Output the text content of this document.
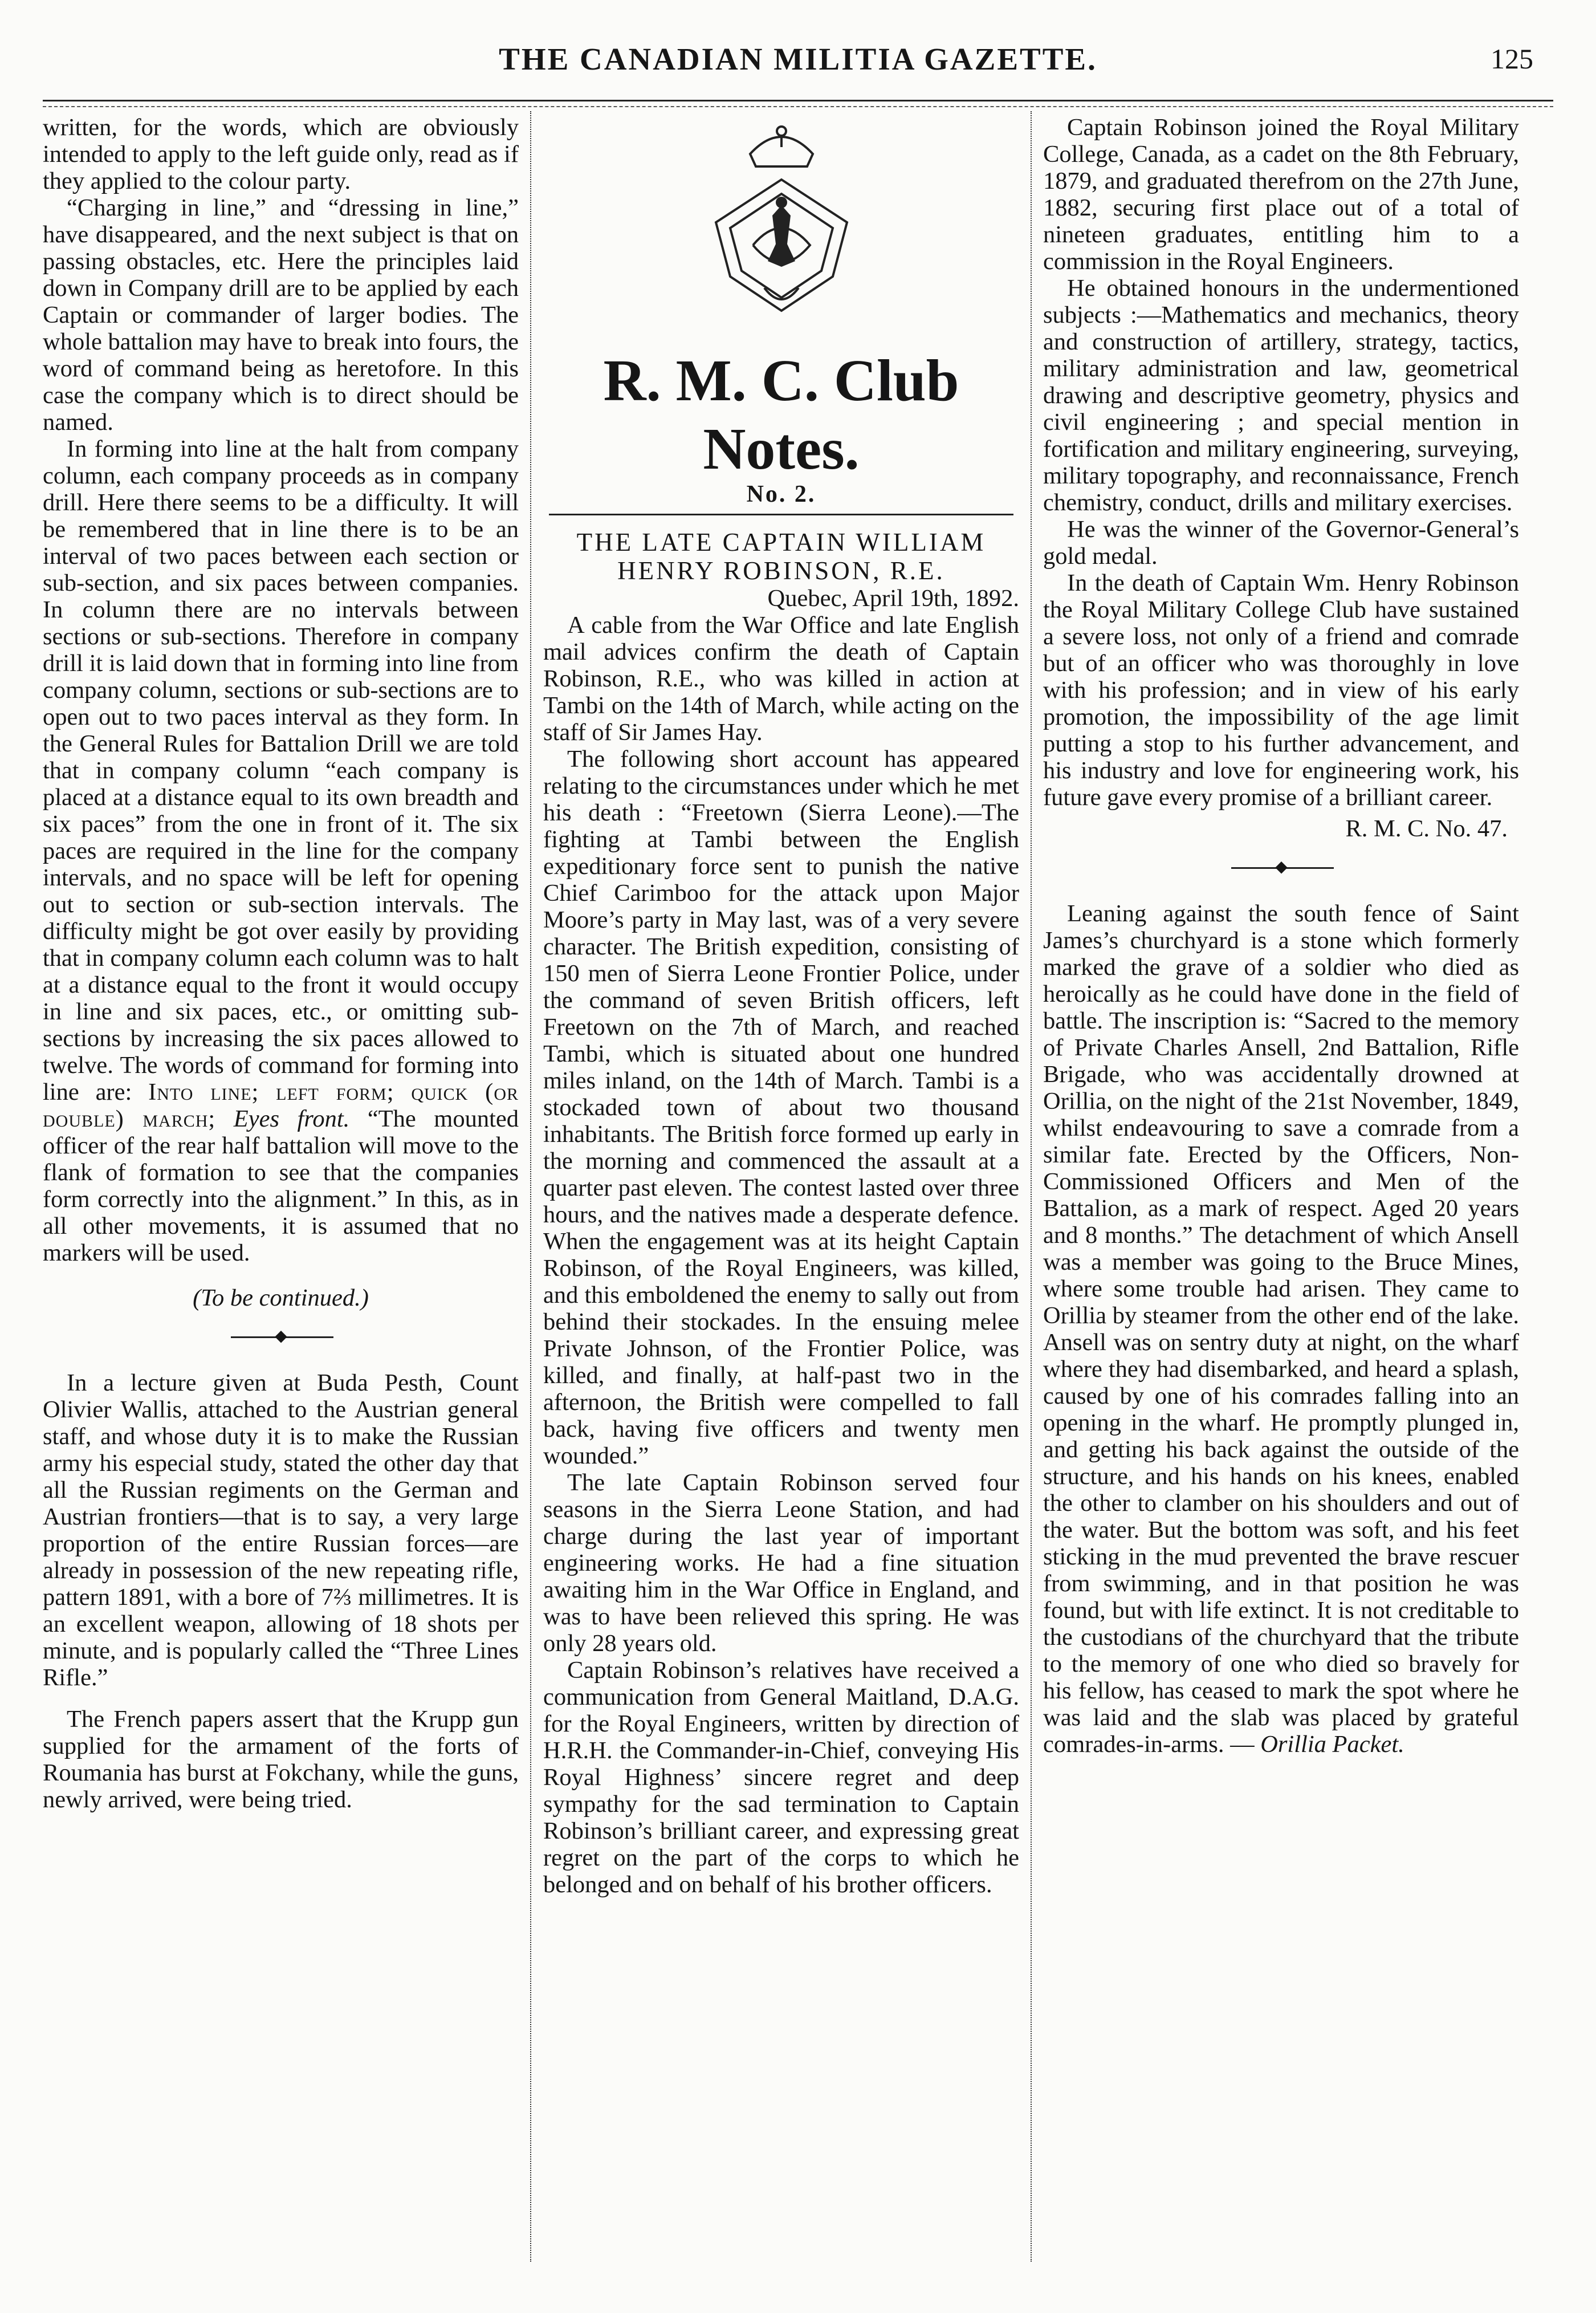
THE CANADIAN MILITIA GAZETTE.	125

written, for the words, which are obviously intended to apply to the left guide only, read as if they applied to the colour party.

“Charging in line,” and “dressing in line,” have disappeared, and the next subject is that on passing obstacles, etc. Here the principles laid down in Company drill are to be applied by each Captain or commander of larger bodies. The whole battalion may have to break into fours, the word of command being as heretofore. In this case the company which is to direct should be named.

In forming into line at the halt from company column, each company proceeds as in company drill. Here there seems to be a difficulty. It will be remembered that in line there is to be an interval of two paces between each section or sub-section, and six paces between companies. In column there are no intervals between sections or sub-sections. Therefore in company drill it is laid down that in forming into line from company column, sections or sub-sections are to open out to two paces interval as they form. In the General Rules for Battalion Drill we are told that in company column “each company is placed at a distance equal to its own breadth and six paces” from the one in front of it. The six paces are required in the line for the company intervals, and no space will be left for opening out to section or sub-section intervals. The difficulty might be got over easily by providing that in company column each column was to halt at a distance equal to the front it would occupy in line and six paces, etc., or omitting sub-sections by increasing the six paces allowed to twelve. The words of command for forming into line are: Into line; left form; quick (or double) march; Eyes front. “The mounted officer of the rear half battalion will move to the flank of formation to see that the companies form correctly into the alignment.” In this, as in all other movements, it is assumed that no markers will be used.

(To be continued.)

◆

In a lecture given at Buda Pesth, Count Olivier Wallis, attached to the Austrian general staff, and whose duty it is to make the Russian army his especial study, stated the other day that all the Russian regiments on the German and Austrian frontiers—that is to say, a very large proportion of the entire Russian forces—are already in possession of the new repeating rifle, pattern 1891, with a bore of 7⅔ millimetres. It is an excellent weapon, allowing of 18 shots per minute, and is popularly called the “Three Lines Rifle.”

The French papers assert that the Krupp gun supplied for the armament of the forts of Roumania has burst at Fokchany, while the guns, newly arrived, were being tried.

R. M. C. Club Notes.
No. 2.
THE LATE CAPTAIN WILLIAM HENRY ROBINSON, R.E.

Quebec, April 19th, 1892.

A cable from the War Office and late English mail advices confirm the death of Captain Robinson, R.E., who was killed in action at Tambi on the 14th of March, while acting on the staff of Sir James Hay.

The following short account has appeared relating to the circumstances under which he met his death : “Freetown (Sierra Leone).—The fighting at Tambi between the English expeditionary force sent to punish the native Chief Carimboo for the attack upon Major Moore’s party in May last, was of a very severe character. The British expedition, consisting of 150 men of Sierra Leone Frontier Police, under the command of seven British officers, left Freetown on the 7th of March, and reached Tambi, which is situated about one hundred miles inland, on the 14th of March. Tambi is a stockaded town of about two thousand inhabitants. The British force formed up early in the morning and commenced the assault at a quarter past eleven. The contest lasted over three hours, and the natives made a desperate defence. When the engagement was at its height Captain Robinson, of the Royal Engineers, was killed, and this emboldened the enemy to sally out from behind their stockades. In the ensuing melee Private Johnson, of the Frontier Police, was killed, and finally, at half-past two in the afternoon, the British were compelled to fall back, having five officers and twenty men wounded.”

The late Captain Robinson served four seasons in the Sierra Leone Station, and had charge during the last year of important engineering works. He had a fine situation awaiting him in the War Office in England, and was to have been relieved this spring. He was only 28 years old.

Captain Robinson’s relatives have received a communication from General Maitland, D.A.G. for the Royal Engineers, written by direction of H.R.H. the Commander-in-Chief, conveying His Royal Highness’ sincere regret and deep sympathy for the sad termination to Captain Robinson’s brilliant career, and expressing great regret on the part of the corps to which he belonged and on behalf of his brother officers.

Captain Robinson joined the Royal Military College, Canada, as a cadet on the 8th February, 1879, and graduated therefrom on the 27th June, 1882, securing first place out of a total of nineteen graduates, entitling him to a commission in the Royal Engineers.

He obtained honours in the undermentioned subjects :—Mathematics and mechanics, theory and construction of artillery, strategy, tactics, military administration and law, geometrical drawing and descriptive geometry, physics and civil engineering ; and special mention in fortification and military engineering, surveying, military topography, and reconnaissance, French chemistry, conduct, drills and military exercises.

He was the winner of the Governor-General’s gold medal.

In the death of Captain Wm. Henry Robinson the Royal Military College Club have sustained a severe loss, not only of a friend and comrade but of an officer who was thoroughly in love with his profession; and in view of his early promotion, the impossibility of the age limit putting a stop to his further advancement, and his industry and love for engineering work, his future gave every promise of a brilliant career.

R. M. C. No. 47.

◆

Leaning against the south fence of Saint James’s churchyard is a stone which formerly marked the grave of a soldier who died as heroically as he could have done in the field of battle. The inscription is: “Sacred to the memory of Private Charles Ansell, 2nd Battalion, Rifle Brigade, who was accidentally drowned at Orillia, on the night of the 21st November, 1849, whilst endeavouring to save a comrade from a similar fate. Erected by the Officers, Non-Commissioned Officers and Men of the Battalion, as a mark of respect. Aged 20 years and 8 months.” The detachment of which Ansell was a member was going to the Bruce Mines, where some trouble had arisen. They came to Orillia by steamer from the other end of the lake. Ansell was on sentry duty at night, on the wharf where they had disembarked, and heard a splash, caused by one of his comrades falling into an opening in the wharf. He promptly plunged in, and getting his back against the outside of the structure, and his hands on his knees, enabled the other to clamber on his shoulders and out of the water. But the bottom was soft, and his feet sticking in the mud prevented the brave rescuer from swimming, and in that position he was found, but with life extinct. It is not creditable to the custodians of the churchyard that the tribute to the memory of one who died so bravely for his fellow, has ceased to mark the spot where he was laid and the slab was placed by grateful comrades-in-arms. — Orillia Packet.
